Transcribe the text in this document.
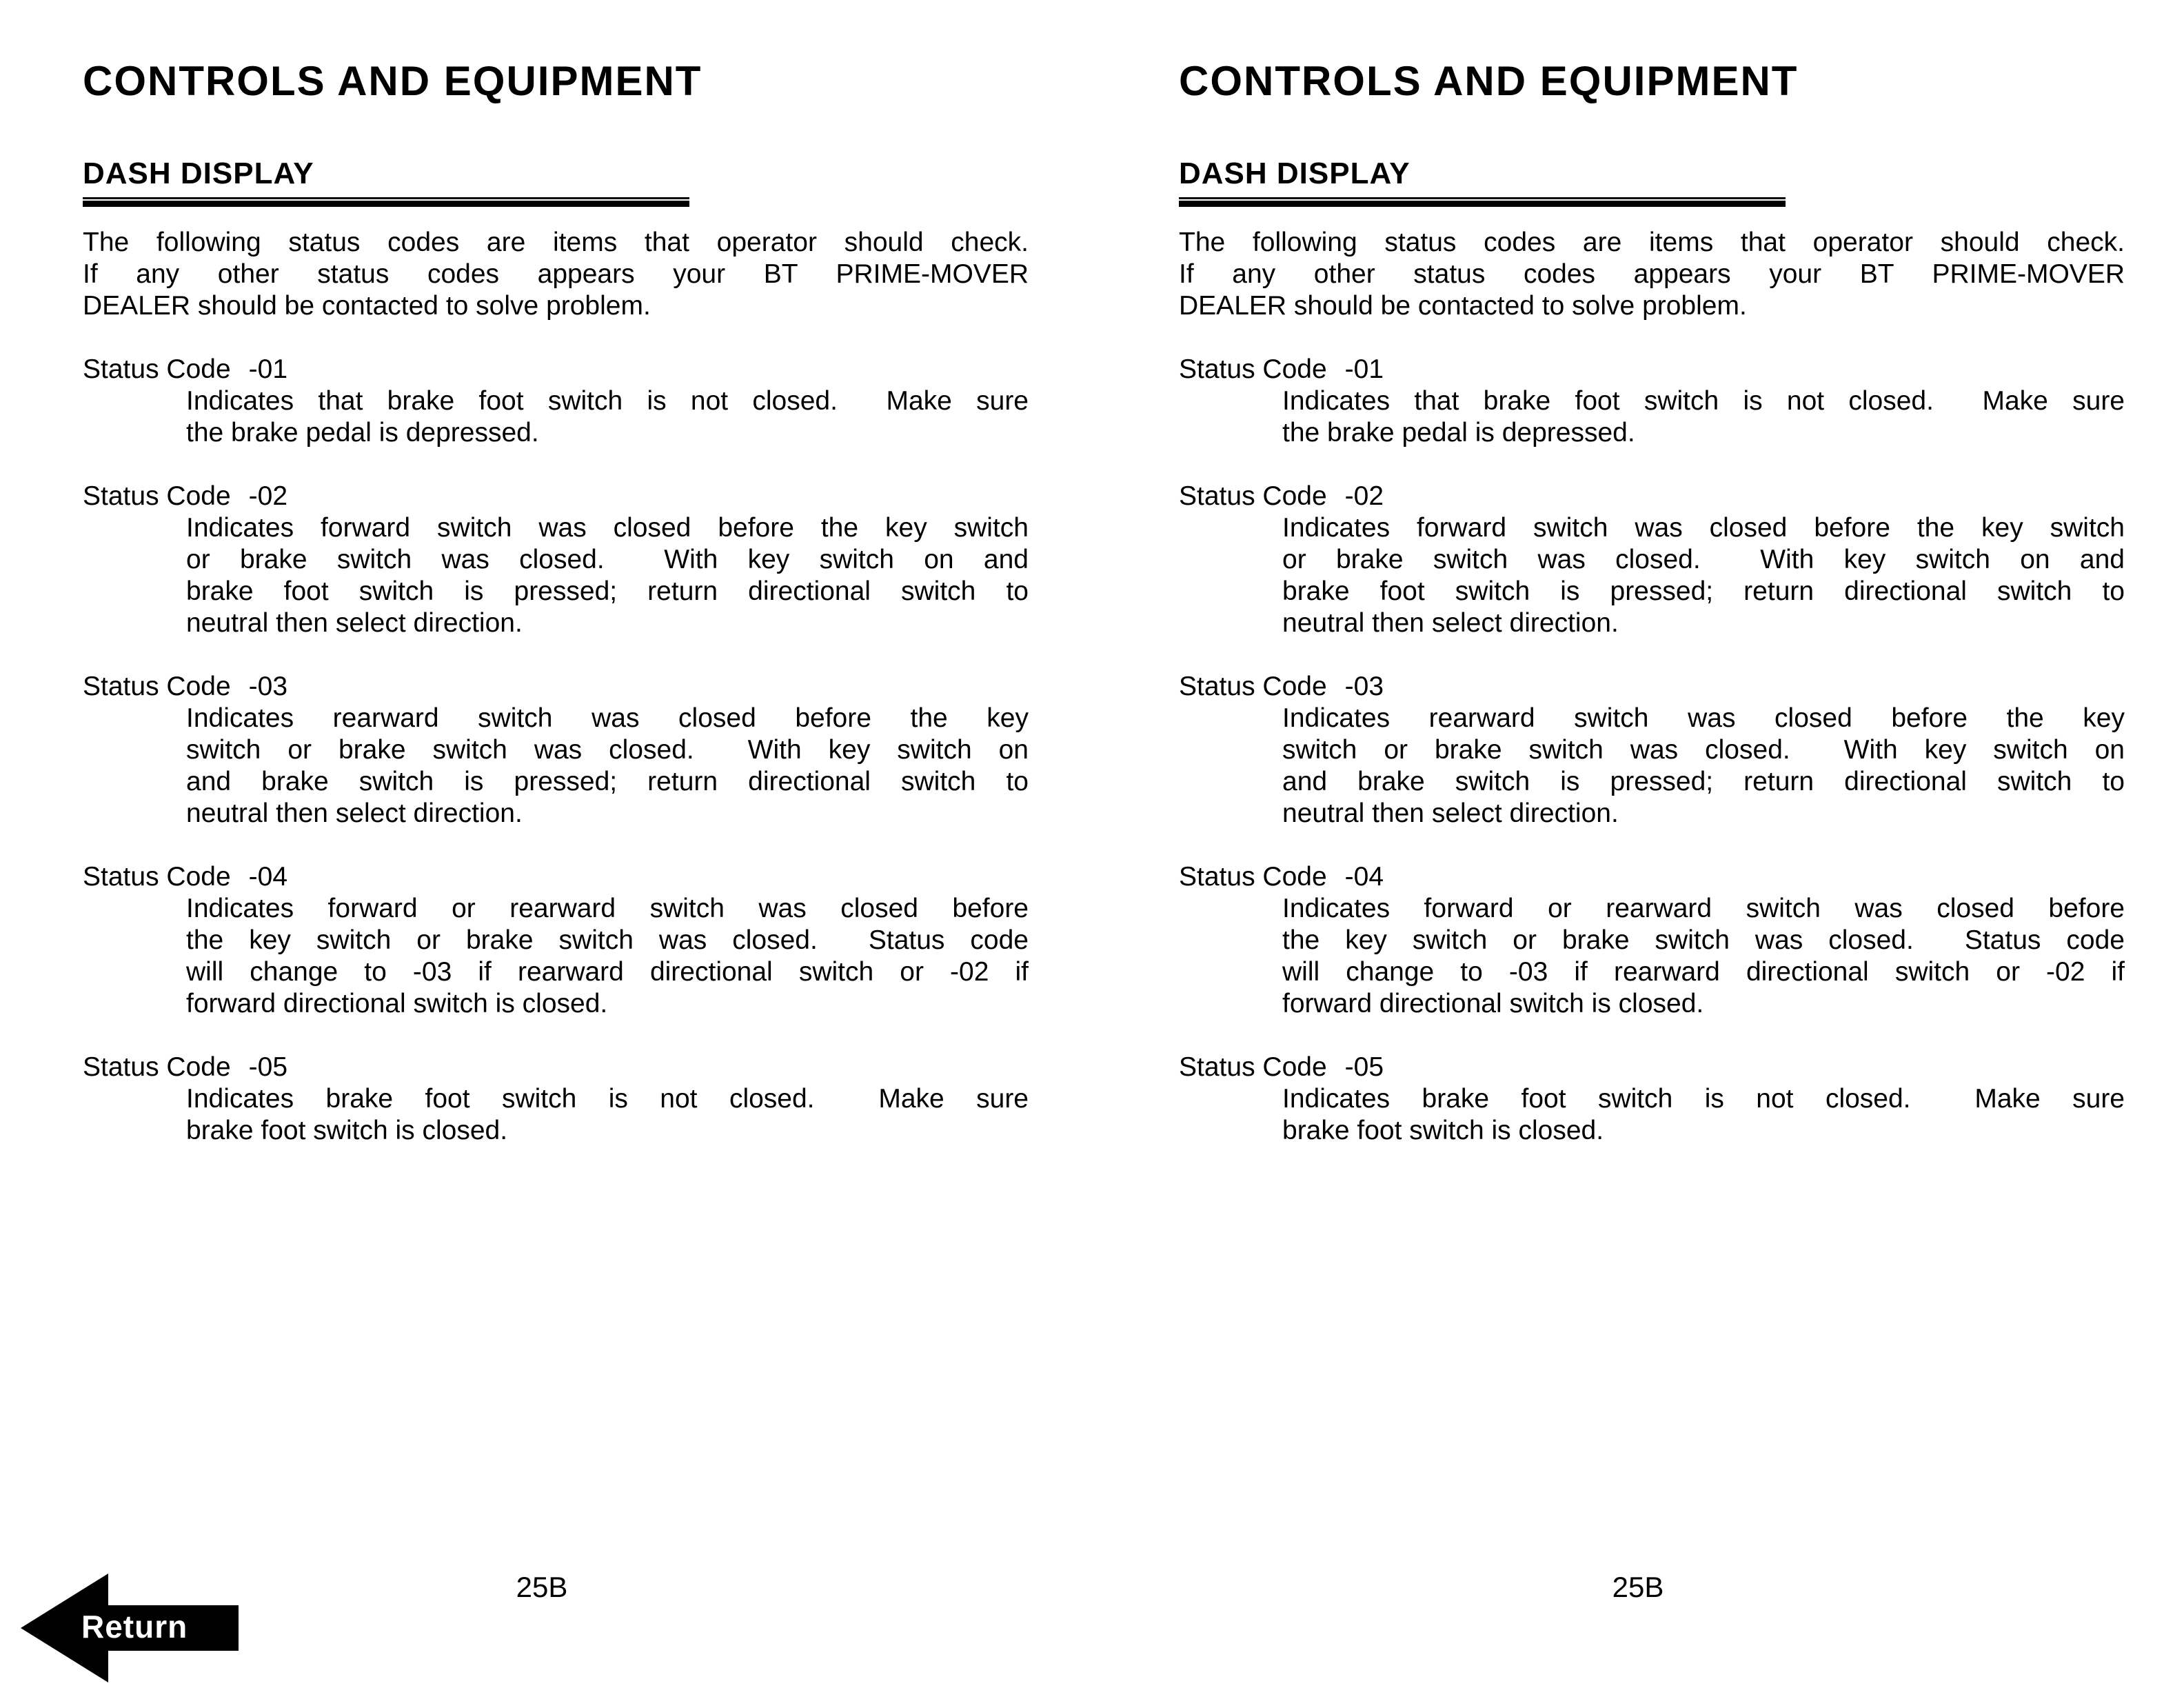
CONTROLS AND EQUIPMENT
DASH DISPLAY
The following status codes are items that operator should check.
If any other status codes appears your BT PRIME-MOVER
DEALER should be contacted to solve problem.
Status Code -01
Indicates that brake foot switch is not closed.  Make sure
the brake pedal is depressed.
Status Code -02
Indicates forward switch was closed before the key switch
or brake switch was closed.  With key switch on and
brake foot switch is pressed; return directional switch to
neutral then select direction.
Status Code -03
Indicates rearward switch was closed before the key
switch or brake switch was closed.  With key switch on
and brake switch is pressed; return directional switch to
neutral then select direction.
Status Code -04
Indicates forward or rearward switch was closed before
the key switch or brake switch was closed.  Status code
will change to -03 if rearward directional switch or -02 if
forward directional switch is closed.
Status Code -05
Indicates brake foot switch is not closed.  Make sure
brake foot switch is closed.
CONTROLS AND EQUIPMENT
DASH DISPLAY
The following status codes are items that operator should check.
If any other status codes appears your BT PRIME-MOVER
DEALER should be contacted to solve problem.
Status Code -01
Indicates that brake foot switch is not closed.  Make sure
the brake pedal is depressed.
Status Code -02
Indicates forward switch was closed before the key switch
or brake switch was closed.  With key switch on and
brake foot switch is pressed; return directional switch to
neutral then select direction.
Status Code -03
Indicates rearward switch was closed before the key
switch or brake switch was closed.  With key switch on
and brake switch is pressed; return directional switch to
neutral then select direction.
Status Code -04
Indicates forward or rearward switch was closed before
the key switch or brake switch was closed.  Status code
will change to -03 if rearward directional switch or -02 if
forward directional switch is closed.
Status Code -05
Indicates brake foot switch is not closed.  Make sure
brake foot switch is closed.
25B	25B
Return
